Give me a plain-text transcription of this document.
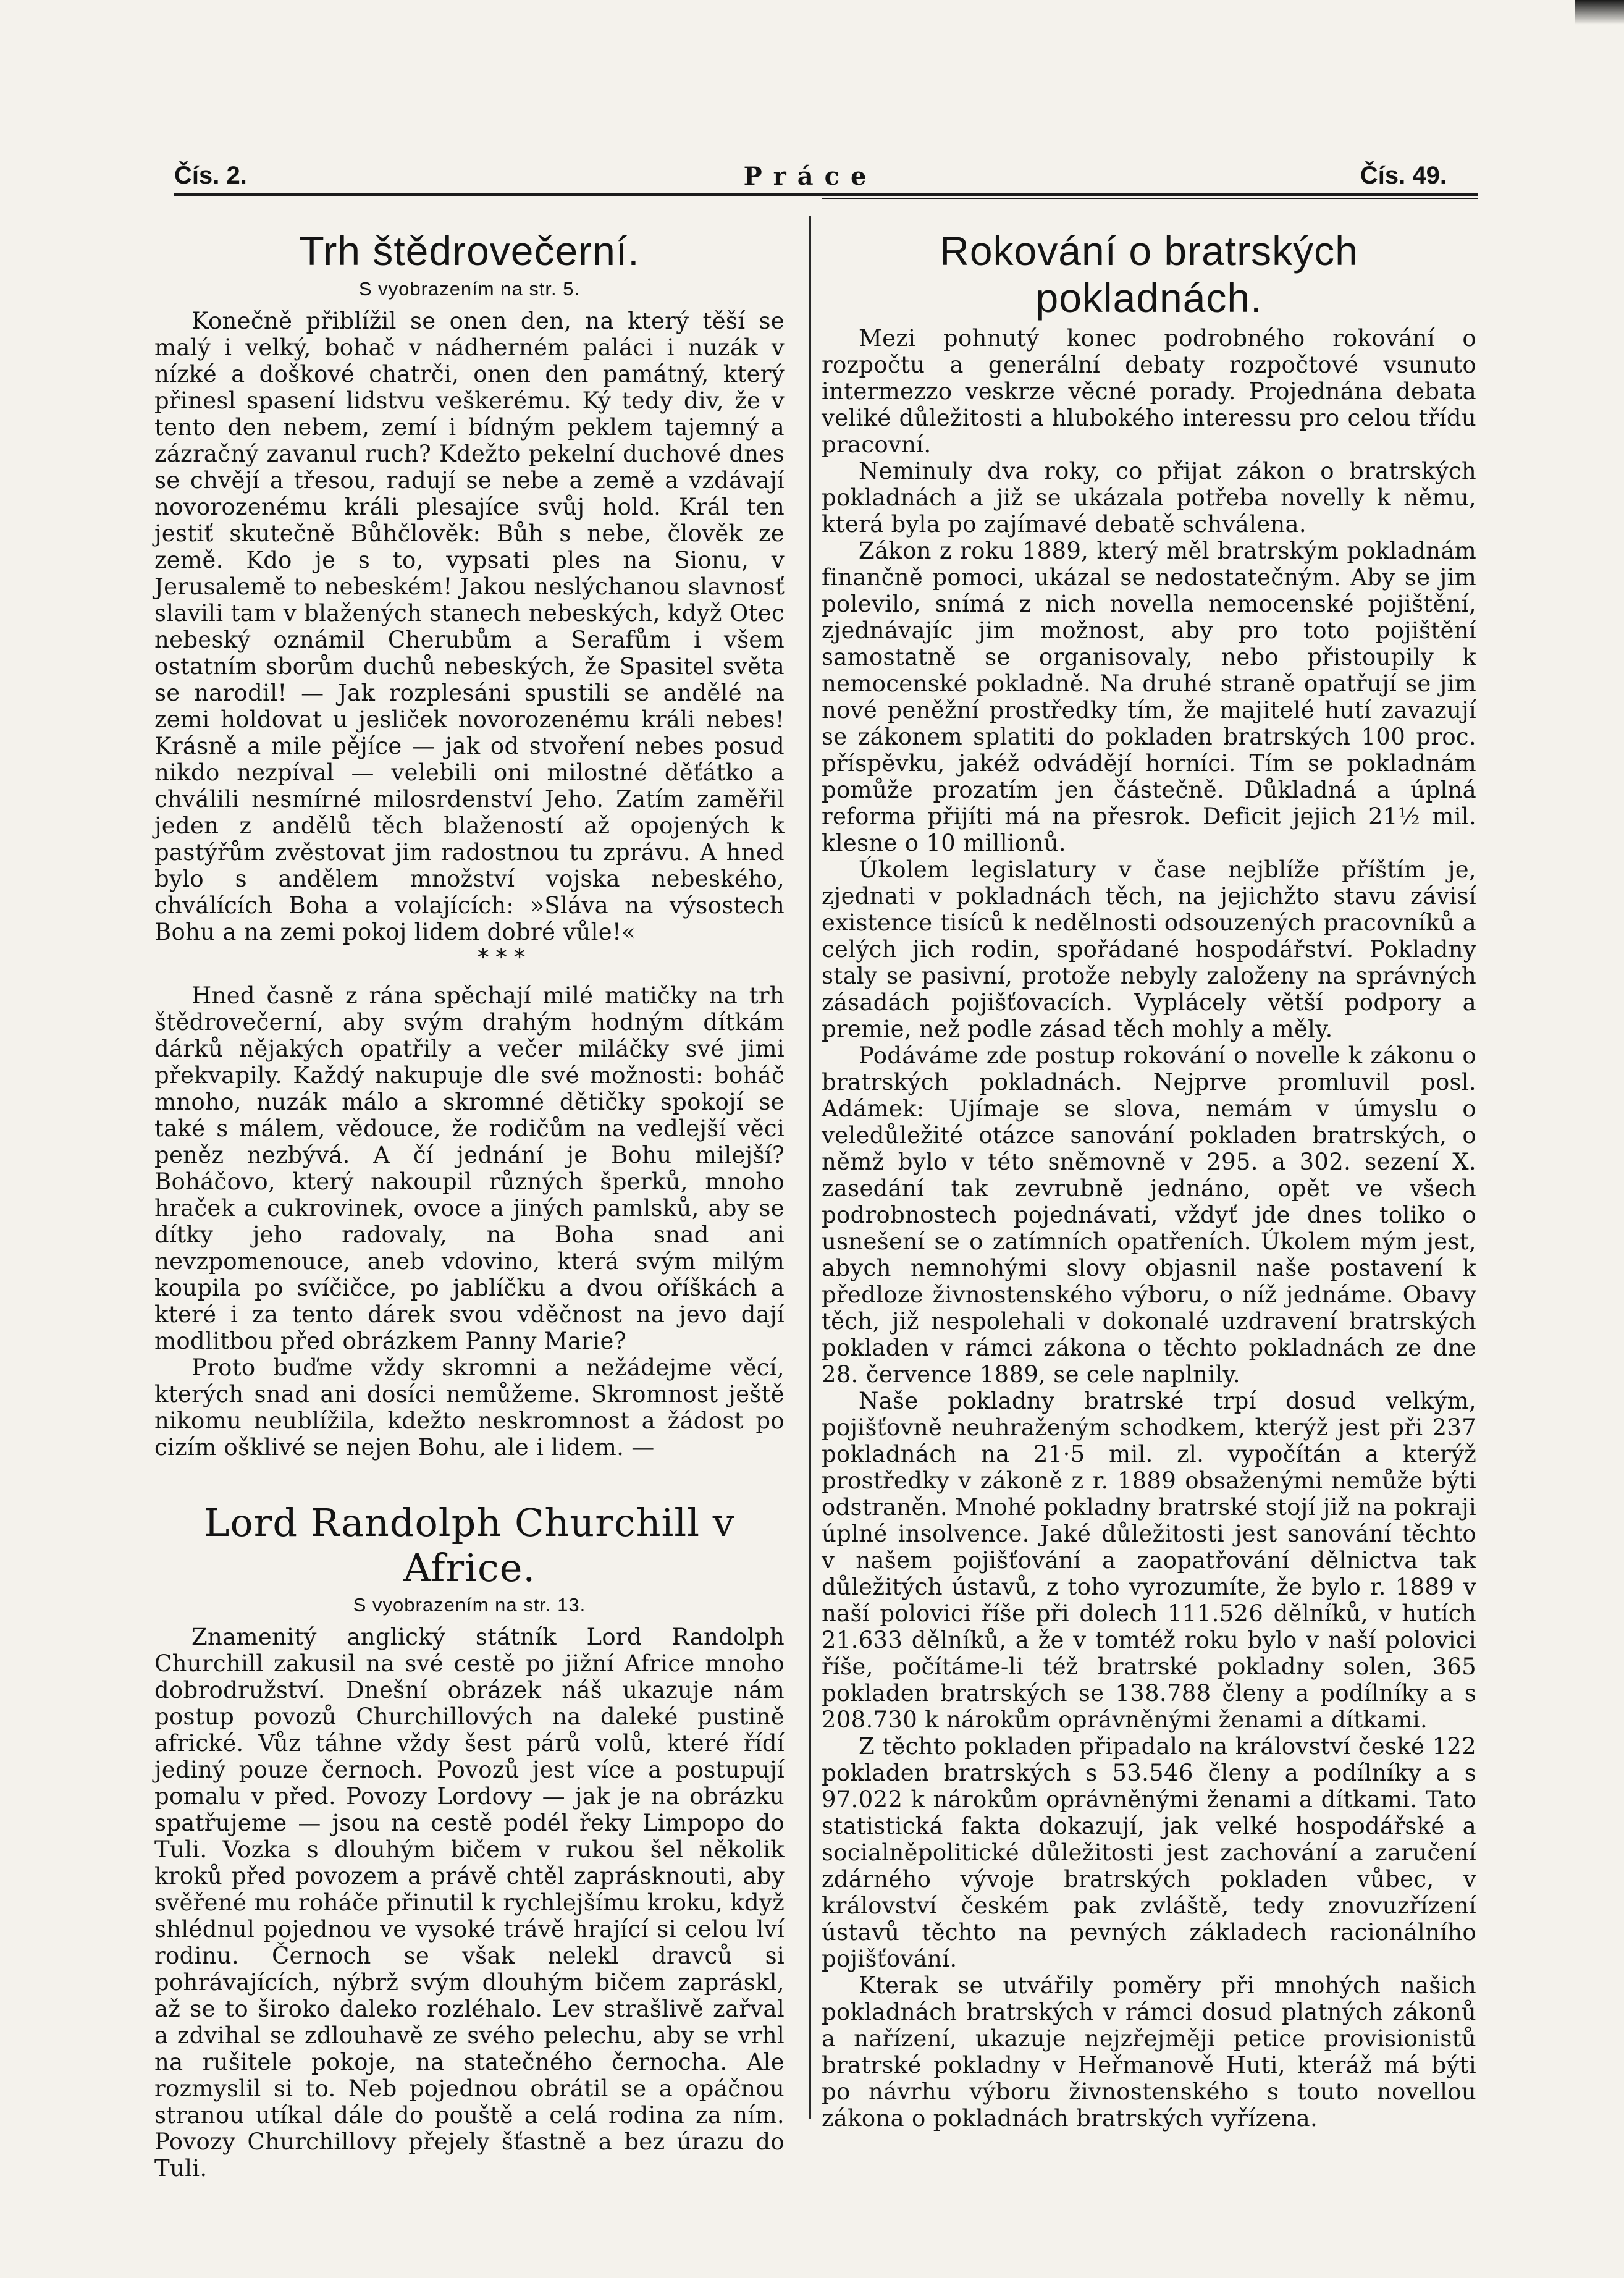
Čís. 2.	Práce	Čís. 49.
Trh štědrovečerní.
S vyobrazením na str. 5.

Konečně přiblížil se onen den, na který těší se malý i velký, bohač v nádherném paláci i nuzák v nízké a doškové chatrči, onen den památný, který přinesl spasení lidstvu veškerému. Ký tedy div, že v tento den nebem, zemí i bídným peklem tajemný a zázračný zavanul ruch? Kdežto pekelní duchové dnes se chvějí a třesou, radují se nebe a země a vzdávají novorozenému králi plesajíce svůj hold. Král ten jestiť skutečně Bůhčlověk: Bůh s nebe, člověk ze země. Kdo je s to, vypsati ples na Sionu, v Jerusalemě to nebeském! Jakou neslýchanou slavnosť slavili tam v blažených stanech nebeských, když Otec nebeský oznámil Cherubům a Serafům i všem ostatním sborům duchů nebeských, že Spasitel světa se narodil! — Jak rozplesáni spustili se andělé na zemi holdovat u jesliček novorozenému králi nebes! Krásně a mile pějíce — jak od stvoření nebes posud nikdo nezpíval — velebili oni milostné děťátko a chválili nesmírné milosrdenství Jeho. Zatím zaměřil jeden z andělů těch blažeností až opojených k pastýřům zvěstovat jim radostnou tu zprávu. A hned bylo s andělem množství vojska nebeského, chválících Boha a volajících: »Sláva na výsostech Bohu a na zemi pokoj lidem dobré vůle!«

* * *

Hned časně z rána spěchají milé matičky na trh štědrovečerní, aby svým drahým hodným dítkám dárků nějakých opatřily a večer miláčky své jimi překvapily. Každý nakupuje dle své možnosti: boháč mnoho, nuzák málo a skromné dětičky spokojí se také s málem, vědouce, že rodičům na vedlejší věci peněz nezbývá. A čí jednání je Bohu milejší? Boháčovo, který nakoupil různých šperků, mnoho hraček a cukrovinek, ovoce a jiných pamlsků, aby se dítky jeho radovaly, na Boha snad ani nevzpomenouce, aneb vdovino, která svým milým koupila po svíčičce, po jablíčku a dvou oříškách a které i za tento dárek svou vděčnost na jevo dají modlitbou před obrázkem Panny Marie?

Proto buďme vždy skromni a nežádejme věcí, kterých snad ani dosíci nemůžeme. Skromnost ještě nikomu neublížila, kdežto neskromnost a žádost po cizím ošklivé se nejen Bohu, ale i lidem. —

Lord Randolph Churchill v Africe.
S vyobrazením na str. 13.

Znamenitý anglický státník Lord Randolph Churchill zakusil na své cestě po jižní Africe mnoho dobrodružství. Dnešní obrázek náš ukazuje nám postup povozů Churchillových na daleké pustině africké. Vůz táhne vždy šest párů volů, které řídí jediný pouze černoch. Povozů jest více a postupují pomalu v před. Povozy Lordovy — jak je na obrázku spatřujeme — jsou na cestě podél řeky Limpopo do Tuli. Vozka s dlouhým bičem v rukou šel několik kroků před povozem a právě chtěl zaprásknouti, aby svěřené mu roháče přinutil k rychlejšímu kroku, když shlédnul pojednou ve vysoké trávě hrající si celou lví rodinu. Černoch se však nelekl dravců si pohrávajících, nýbrž svým dlouhým bičem zapráskl, až se to široko daleko rozléhalo. Lev strašlivě zařval a zdvihal se zdlouhavě ze svého pelechu, aby se vrhl na rušitele pokoje, na statečného černocha. Ale rozmyslil si to. Neb pojednou obrátil se a opáčnou stranou utíkal dále do pouště a celá rodina za ním. Povozy Churchillovy přejely šťastně a bez úrazu do Tuli.

Rokování o bratrských pokladnách.

Mezi pohnutý konec podrobného rokování o rozpočtu a generální debaty rozpočtové vsunuto intermezzo veskrze věcné porady. Projednána debata veliké důležitosti a hlubokého interessu pro celou třídu pracovní.

Neminuly dva roky, co přijat zákon o bratrských pokladnách a již se ukázala potřeba novelly k němu, která byla po zajímavé debatě schválena.

Zákon z roku 1889, který měl bratrským pokladnám finančně pomoci, ukázal se nedostatečným. Aby se jim polevilo, snímá z nich novella nemocenské pojištění, zjednávajíc jim možnost, aby pro toto pojištění samostatně se organisovaly, nebo přistoupily k nemocenské pokladně. Na druhé straně opatřují se jim nové peněžní prostředky tím, že majitelé hutí zavazují se zákonem splatiti do pokladen bratrských 100 proc. příspěvku, jakéž odvádějí horníci. Tím se pokladnám pomůže prozatím jen částečně. Důkladná a úplná reforma přijíti má na přesrok. Deficit jejich 21½ mil. klesne o 10 millionů.

Úkolem legislatury v čase nejblíže příštím je, zjednati v pokladnách těch, na jejichžto stavu závisí existence tisíců k nedělnosti odsouzených pracovníků a celých jich rodin, spořádané hospodářství. Pokladny staly se pasivní, protože nebyly založeny na správných zásadách pojišťovacích. Vyplácely větší podpory a premie, než podle zásad těch mohly a měly.

Podáváme zde postup rokování o novelle k zákonu o bratrských pokladnách. Nejprve promluvil posl. Adámek: Ujímaje se slova, nemám v úmyslu o veledůležité otázce sanování pokladen bratrských, o němž bylo v této sněmovně v 295. a 302. sezení X. zasedání tak zevrubně jednáno, opět ve všech podrobnostech pojednávati, vždyť jde dnes toliko o usnešení se o zatímních opatřeních. Úkolem mým jest, abych nemnohými slovy objasnil naše postavení k předloze živnostenského výboru, o níž jednáme. Obavy těch, již nespolehali v dokonalé uzdravení bratrských pokladen v rámci zákona o těchto pokladnách ze dne 28. července 1889, se cele naplnily.

Naše pokladny bratrské trpí dosud velkým, pojišťovně neuhraženým schodkem, kterýž jest při 237 pokladnách na 21·5 mil. zl. vypočítán a kterýž prostředky v zákoně z r. 1889 obsaženými nemůže býti odstraněn. Mnohé pokladny bratrské stojí již na pokraji úplné insolvence. Jaké důležitosti jest sanování těchto v našem pojišťování a zaopatřování dělnictva tak důležitých ústavů, z toho vyrozumíte, že bylo r. 1889 v naší polovici říše při dolech 111.526 dělníků, v hutích 21.633 dělníků, a že v tomtéž roku bylo v naší polovici říše, počítáme-li též bratrské pokladny solen, 365 pokladen bratrských se 138.788 členy a podílníky a s 208.730 k nárokům oprávněnými ženami a dítkami.

Z těchto pokladen připadalo na království české 122 pokladen bratrských s 53.546 členy a podílníky a s 97.022 k nárokům oprávněnými ženami a dítkami. Tato statistická fakta dokazují, jak velké hospodářské a socialněpolitické důležitosti jest zachování a zaručení zdárného vývoje bratrských pokladen vůbec, v království českém pak zvláště, tedy znovuzřízení ústavů těchto na pevných základech racionálního pojišťování.

Kterak se utvářily poměry při mnohých našich pokladnách bratrských v rámci dosud platných zákonů a nařízení, ukazuje nejzřejměji petice provisionistů bratrské pokladny v Heřmanově Huti, kteráž má býti po návrhu výboru živnostenského s touto novellou zákona o pokladnách bratrských vyřízena.
